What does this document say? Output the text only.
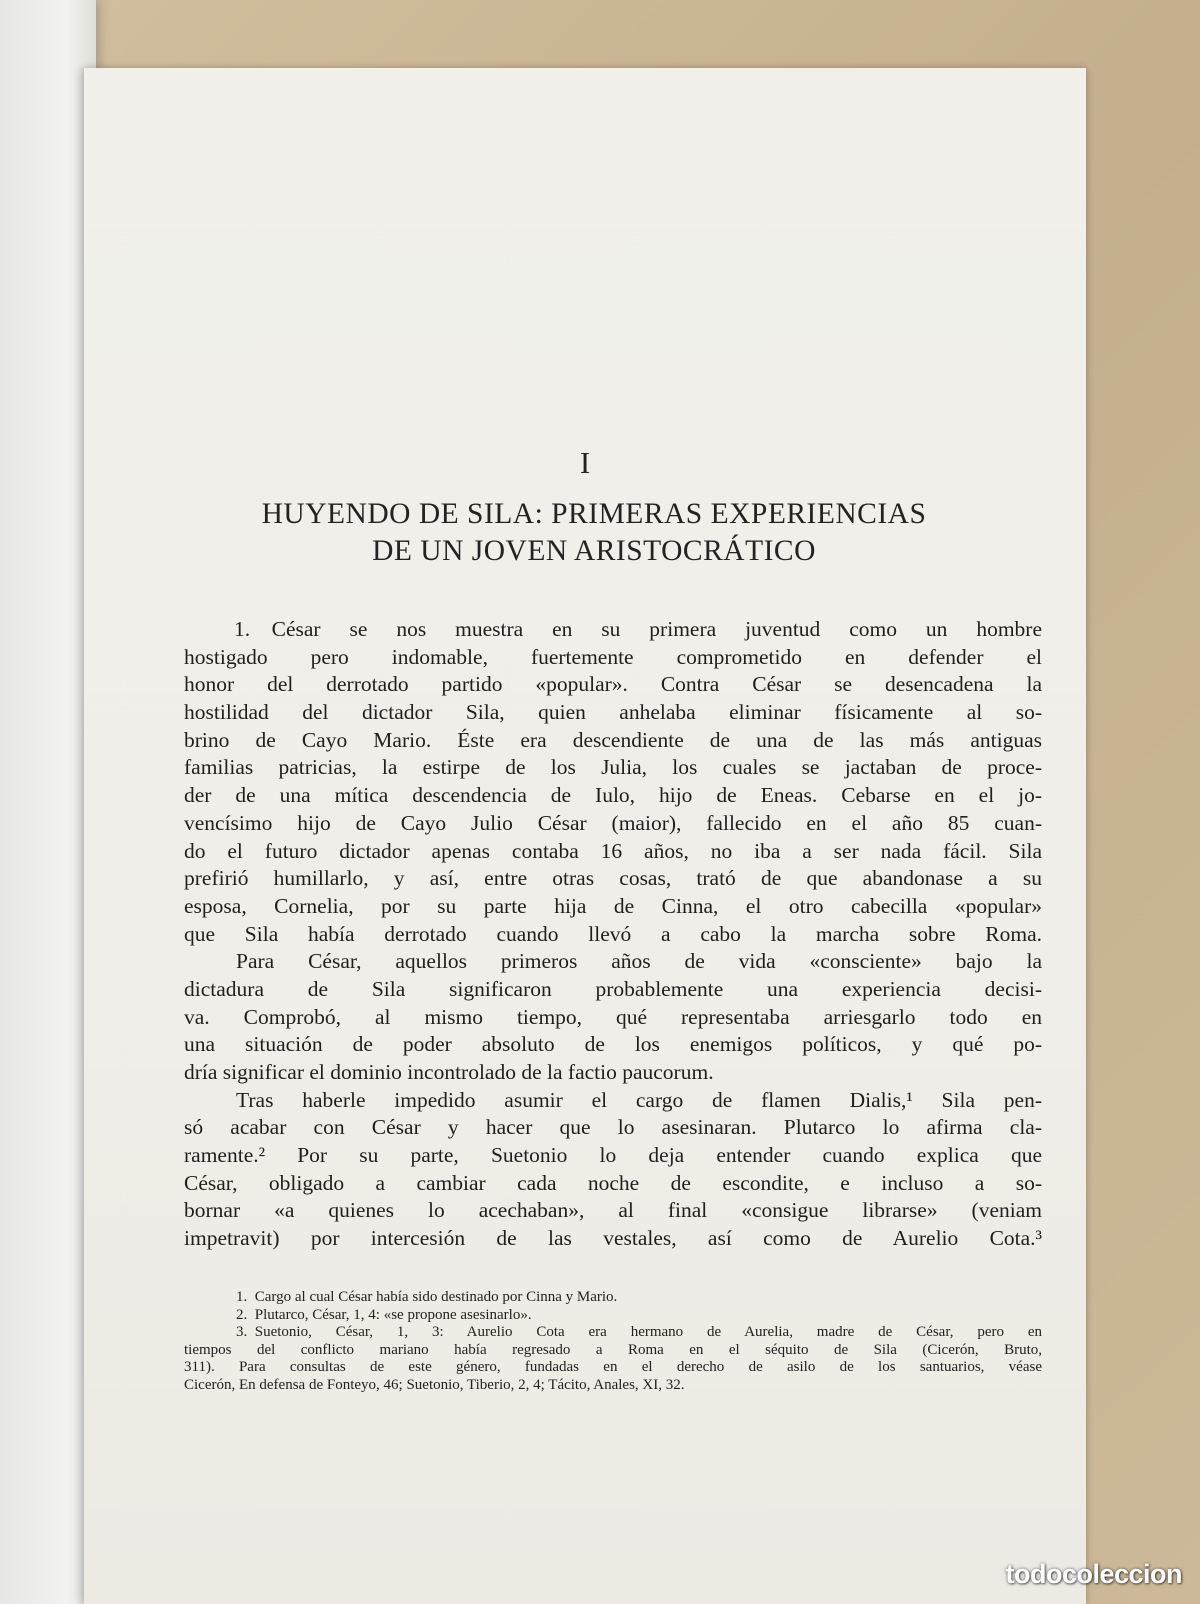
I
HUYENDO DE SILA: PRIMERAS EXPERIENCIAS
DE UN JOVEN ARISTOCRÁTICO
1. César se nos muestra en su primera juventud como un hombre
hostigado pero indomable, fuertemente comprometido en defender el
honor del derrotado partido «popular». Contra César se desencadena la
hostilidad del dictador Sila, quien anhelaba eliminar físicamente al so-
brino de Cayo Mario. Éste era descendiente de una de las más antiguas
familias patricias, la estirpe de los Julia, los cuales se jactaban de proce-
der de una mítica descendencia de Iulo, hijo de Eneas. Cebarse en el jo-
vencísimo hijo de Cayo Julio César (maior), fallecido en el año 85 cuan-
do el futuro dictador apenas contaba 16 años, no iba a ser nada fácil. Sila
prefirió humillarlo, y así, entre otras cosas, trató de que abandonase a su
esposa, Cornelia, por su parte hija de Cinna, el otro cabecilla «popular»
que Sila había derrotado cuando llevó a cabo la marcha sobre Roma.
Para César, aquellos primeros años de vida «consciente» bajo la
dictadura de Sila significaron probablemente una experiencia decisi-
va. Comprobó, al mismo tiempo, qué representaba arriesgarlo todo en
una situación de poder absoluto de los enemigos políticos, y qué po-
dría significar el dominio incontrolado de la factio paucorum.
Tras haberle impedido asumir el cargo de flamen Dialis,¹ Sila pen-
só acabar con César y hacer que lo asesinaran. Plutarco lo afirma cla-
ramente.² Por su parte, Suetonio lo deja entender cuando explica que
César, obligado a cambiar cada noche de escondite, e incluso a so-
bornar «a quienes lo acechaban», al final «consigue librarse» (veniam
impetravit) por intercesión de las vestales, así como de Aurelio Cota.³
1. Cargo al cual César había sido destinado por Cinna y Mario.
2. Plutarco, César, 1, 4: «se propone asesinarlo».
3. Suetonio, César, 1, 3: Aurelio Cota era hermano de Aurelia, madre de César, pero en
tiempos del conflicto mariano había regresado a Roma en el séquito de Sila (Cicerón, Bruto,
311). Para consultas de este género, fundadas en el derecho de asilo de los santuarios, véase
Cicerón, En defensa de Fonteyo, 46; Suetonio, Tiberio, 2, 4; Tácito, Anales, XI, 32.
todocoleccion
